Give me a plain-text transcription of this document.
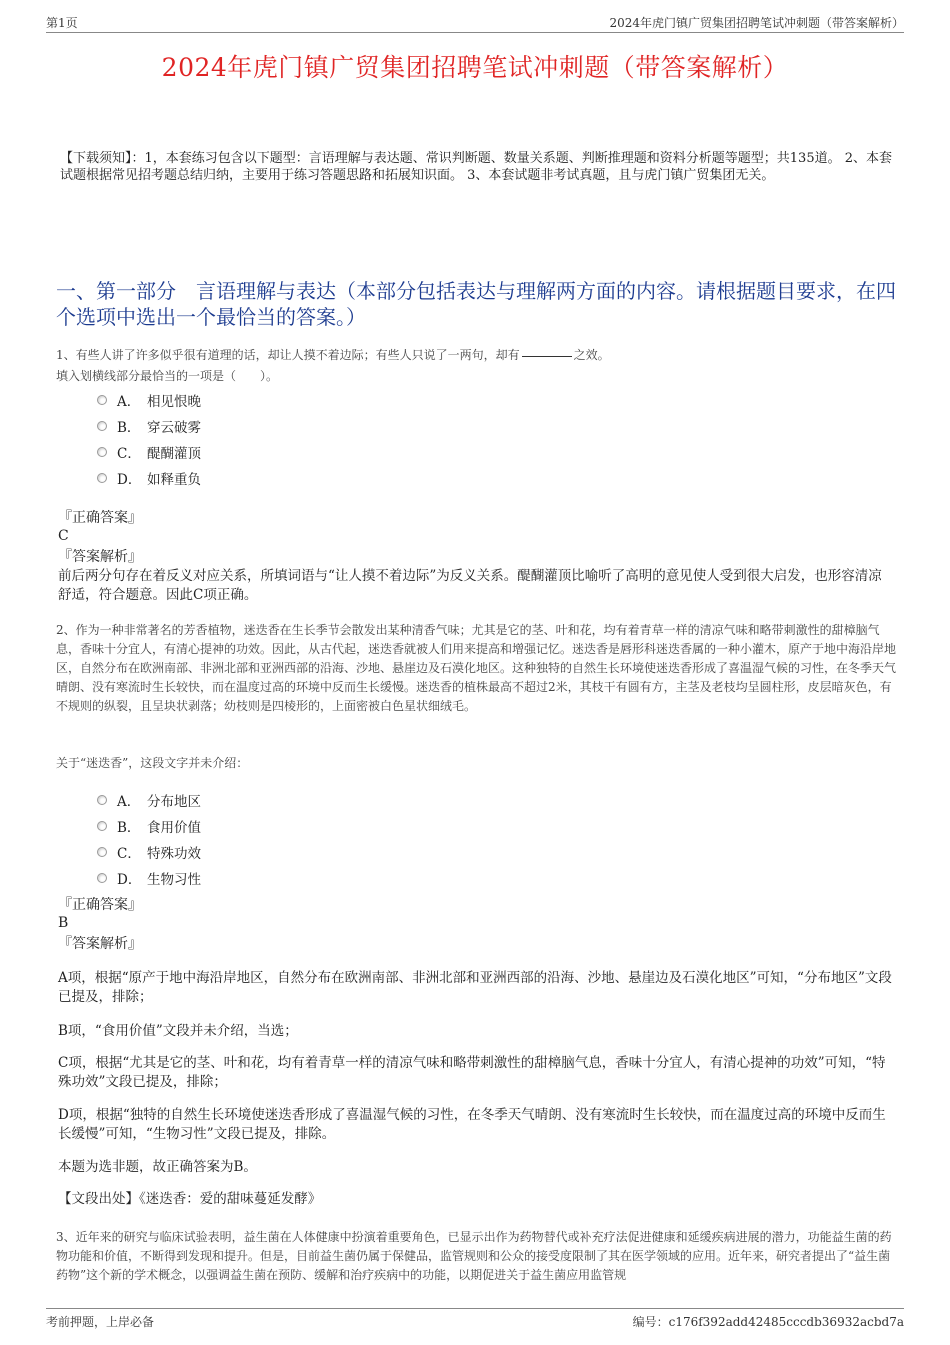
第1页	2024年虎门镇广贸集团招聘笔试冲刺题（带答案解析）
2024年虎门镇广贸集团招聘笔试冲刺题（带答案解析）
【下载须知】：1，本套练习包含以下题型：言语理解与表达题、常识判断题、数量关系题、判断推理题和资料分析题等题型；共135道。 2、本套试题根据常见招考题总结归纳，主要用于练习答题思路和拓展知识面。 3、本套试题非考试真题，且与虎门镇广贸集团无关。
一、第一部分　言语理解与表达（本部分包括表达与理解两方面的内容。请根据题目要求，在四个选项中选出一个最恰当的答案。）
1、有些人讲了许多似乎很有道理的话，却让人摸不着边际；有些人只说了一两句，却有	之效。
填入划横线部分最恰当的一项是（　　）。
A． 相见恨晚
B． 穿云破雾
C． 醍醐灌顶
D． 如释重负
『正确答案』
C
『答案解析』
前后两分句存在着反义对应关系，所填词语与“让人摸不着边际”为反义关系。醍醐灌顶比喻听了高明的意见使人受到很大启发，也形容清凉舒适，符合题意。因此C项正确。
2、作为一种非常著名的芳香植物，迷迭香在生长季节会散发出某种清香气味；尤其是它的茎、叶和花，均有着青草一样的清凉气味和略带刺激性的甜樟脑气息，香味十分宜人，有清心提神的功效。因此，从古代起，迷迭香就被人们用来提高和增强记忆。迷迭香是唇形科迷迭香属的一种小灌木，原产于地中海沿岸地区，自然分布在欧洲南部、非洲北部和亚洲西部的沿海、沙地、悬崖边及石漠化地区。这种独特的自然生长环境使迷迭香形成了喜温湿气候的习性，在冬季天气晴朗、没有寒流时生长较快，而在温度过高的环境中反而生长缓慢。迷迭香的植株最高不超过2米，其枝干有圆有方，主茎及老枝均呈圆柱形，皮层暗灰色，有不规则的纵裂，且呈块状剥落；幼枝则是四棱形的，上面密被白色星状细绒毛。
关于“迷迭香”，这段文字并未介绍：
A． 分布地区
B． 食用价值
C． 特殊功效
D． 生物习性
『正确答案』
B
『答案解析』
A项，根据“原产于地中海沿岸地区，自然分布在欧洲南部、非洲北部和亚洲西部的沿海、沙地、悬崖边及石漠化地区”可知，“分布地区”文段已提及，排除；
B项，“食用价值”文段并未介绍，当选；
C项，根据“尤其是它的茎、叶和花，均有着青草一样的清凉气味和略带刺激性的甜樟脑气息，香味十分宜人，有清心提神的功效”可知，“特殊功效”文段已提及，排除；
D项，根据“独特的自然生长环境使迷迭香形成了喜温湿气候的习性，在冬季天气晴朗、没有寒流时生长较快，而在温度过高的环境中反而生长缓慢”可知，“生物习性”文段已提及，排除。
本题为选非题，故正确答案为B。
【文段出处】《迷迭香：爱的甜味蔓延发酵》
3、近年来的研究与临床试验表明，益生菌在人体健康中扮演着重要角色，已显示出作为药物替代或补充疗法促进健康和延缓疾病进展的潜力，功能益生菌的药物功能和价值，不断得到发现和提升。但是，目前益生菌仍属于保健品，监管规则和公众的接受度限制了其在医学领域的应用。近年来，研究者提出了“益生菌药物”这个新的学术概念，以强调益生菌在预防、缓解和治疗疾病中的功能，以期促进关于益生菌应用监管规
考前押题，上岸必备	编号：c176f392add42485cccdb36932acbd7a
